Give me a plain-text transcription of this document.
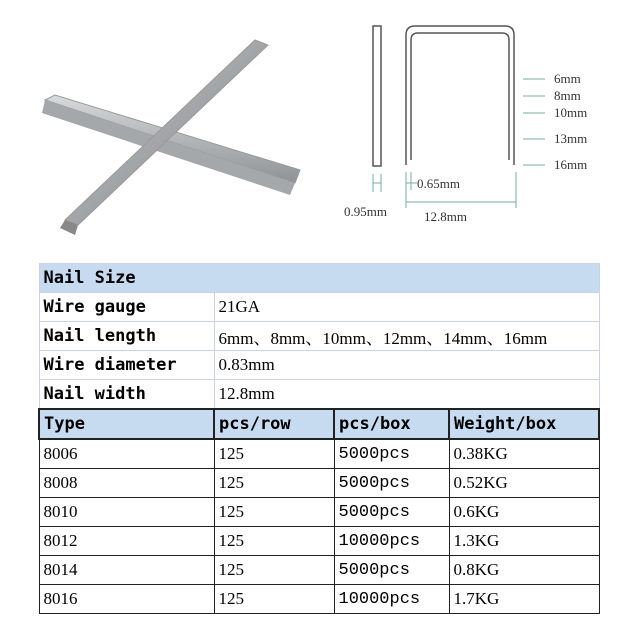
6mm
8mm
10mm
13mm
16mm
0.95mm
0.65mm
12.8mm
Nail Size			
Wire gauge	21GA		
Nail length	6mm、8mm、10mm、12mm、14mm、16mm		
Wire diameter	0.83mm		
Nail width	12.8mm		
Type	pcs/row	pcs/box	Weight/box
8006	125	5000pcs	0.38KG
8008	125	5000pcs	0.52KG
8010	125	5000pcs	0.6KG
8012	125	10000pcs	1.3KG
8014	125	5000pcs	0.8KG
8016	125	10000pcs	1.7KG
